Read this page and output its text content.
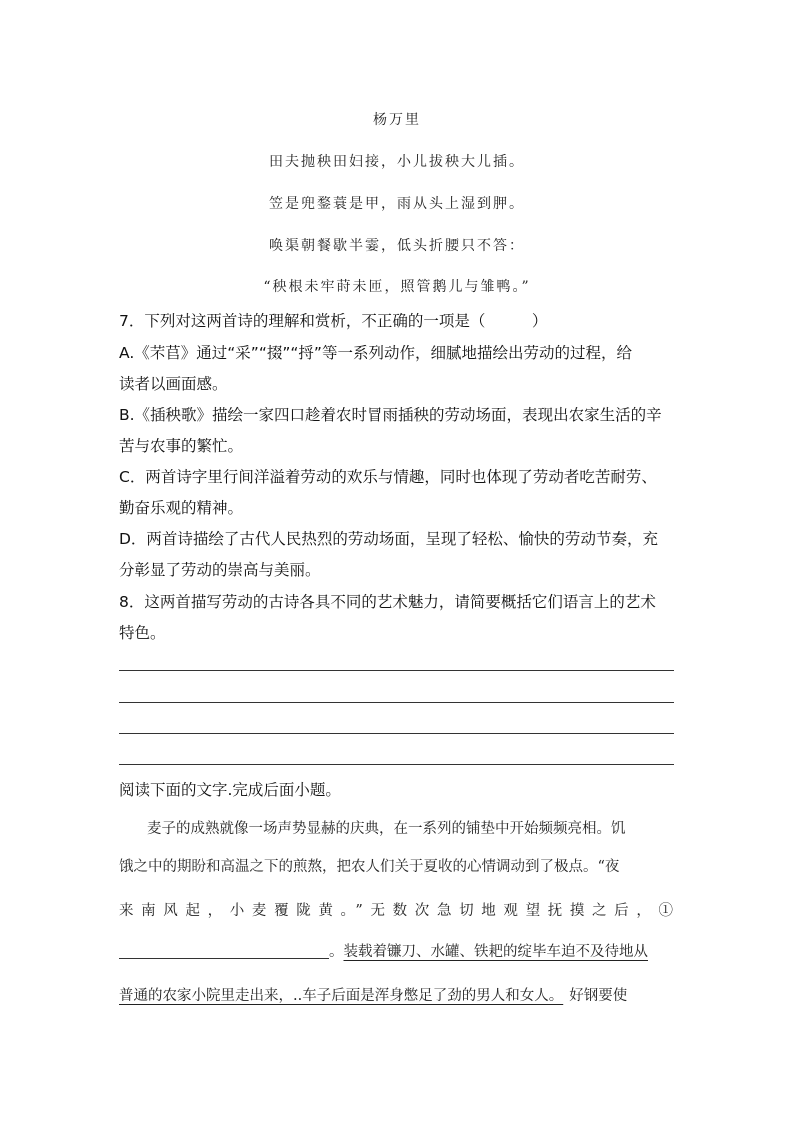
杨万里
田夫抛秧田妇接，小儿拔秧大儿插。
笠是兜鍪蓑是甲，雨从头上湿到胛。
唤渠朝餐歇半霎，低头折腰只不答：
“秧根未牢莳未匝，照管鹅儿与雏鸭。”
7．下列对这两首诗的理解和赏析，不正确的一项是（　　　）
A.《芣苢》通过“采”“掇”“捋”等一系列动作，细腻地描绘出劳动的过程，给
读者以画面感。
B.《插秧歌》描绘一家四口趁着农时冒雨插秧的劳动场面，表现出农家生活的辛
苦与农事的繁忙。
C．两首诗字里行间洋溢着劳动的欢乐与情趣，同时也体现了劳动者吃苦耐劳、
勤奋乐观的精神。
D．两首诗描绘了古代人民热烈的劳动场面，呈现了轻松、愉快的劳动节奏，充
分彰显了劳动的崇高与美丽。
8．这两首描写劳动的古诗各具不同的艺术魅力，请简要概括它们语言上的艺术
特色。
阅读下面的文字.完成后面小题。
麦子的成熟就像一场声势显赫的庆典，在一系列的铺垫中开始频频亮相。饥
饿之中的期盼和高温之下的煎熬，把农人们关于夏收的心情调动到了极点。“夜
来南风起，小麦覆陇黄。”无数次急切地观望抚摸之后，①
。装载着镰刀、水罐、铁耙的绽毕车迫不及待地从
普通的农家小院里走出来，..车子后面是浑身憋足了劲的男人和女人。 好钢要使
